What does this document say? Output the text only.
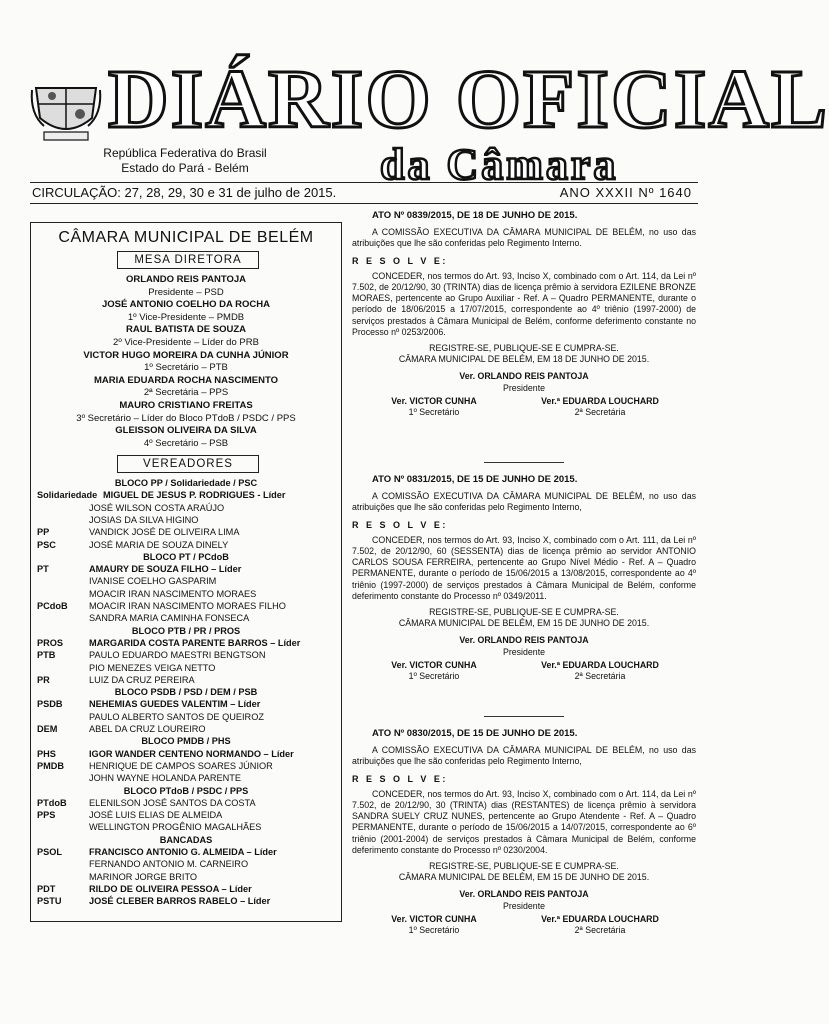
DIÁRIO OFICIAL
República Federativa do Brasil
Estado do Pará - Belém	da Câmara
CIRCULAÇÃO: 27, 28, 29, 30 e 31 de julho de 2015.	ANO XXXII Nº 1640
CÂMARA MUNICIPAL DE BELÉM
MESA DIRETORA
ORLANDO REIS PANTOJA
Presidente – PSD
JOSÉ ANTONIO COELHO DA ROCHA
1º Vice-Presidente – PMDB
RAUL BATISTA DE SOUZA
2º Vice-Presidente – Líder do PRB
VICTOR HUGO MOREIRA DA CUNHA JÚNIOR
1º Secretário – PTB
MARIA EDUARDA ROCHA NASCIMENTO
2ª Secretária – PPS
MAURO CRISTIANO FREITAS
3º Secretário – Líder do Bloco PTdoB / PSDC / PPS
GLEISSON OLIVEIRA DA SILVA
4º Secretário – PSB
VEREADORES
BLOCO PP / Solidariedade / PSC
Solidariedade MIGUEL DE JESUS P. RODRIGUES - Líder
JOSÉ WILSON COSTA ARAÚJO
JOSIAS DA SILVA HIGINO
PP	VANDICK JOSÉ DE OLIVEIRA LIMA
PSC	JOSÉ MARIA DE SOUZA DINELY
BLOCO PT / PCdoB
PT	AMAURY DE SOUZA FILHO – Líder
IVANISE COELHO GASPARIM
MOACIR IRAN NASCIMENTO MORAES
PCdoB MOACIR IRAN NASCIMENTO MORAES FILHO
SANDRA MARIA CAMINHA FONSECA
BLOCO PTB / PR / PROS
PROS	MARGARIDA COSTA PARENTE BARROS – Líder
PTB	PAULO EDUARDO MAESTRI BENGTSON
PIO MENEZES VEIGA NETTO
PR	LUIZ DA CRUZ PEREIRA
BLOCO PSDB / PSD / DEM / PSB
PSDB	NEHEMIAS GUEDES VALENTIM – Líder
PAULO ALBERTO SANTOS DE QUEIROZ
DEM	ABEL DA CRUZ LOUREIRO
BLOCO PMDB / PHS
PHS	IGOR WANDER CENTENO NORMANDO – Líder
PMDB	HENRIQUE DE CAMPOS SOARES JÚNIOR
JOHN WAYNE HOLANDA PARENTE
BLOCO PTdoB / PSDC / PPS
PTdoB ELENILSON JOSÉ SANTOS DA COSTA
PPS	JOSÉ LUIS ELIAS DE ALMEIDA
WELLINGTON PROGÊNIO MAGALHÃES
BANCADAS
PSOL	FRANCISCO ANTONIO G. ALMEIDA – Líder
FERNANDO ANTONIO M. CARNEIRO
MARINOR JORGE BRITO
PDT	RILDO DE OLIVEIRA PESSOA – Líder
PSTU	JOSÉ CLEBER BARROS RABELO – Líder
ATO Nº 0839/2015, DE 18 DE JUNHO DE 2015.

A COMISSÃO EXECUTIVA DA CÂMARA MUNICIPAL DE BELÉM, no uso das atribuições que lhe são conferidas pelo Regimento Interno.

R E S O L V E:

CONCEDER, nos termos do Art. 93, Inciso X, combinado com o Art. 114, da Lei nº 7.502, de 20/12/90, 30 (TRINTA) dias de licença prêmio à servidora EZILENE BRONZE MORAES, pertencente ao Grupo Auxiliar - Ref. A – Quadro PERMANENTE, durante o período de 18/06/2015 a 17/07/2015, correspondente ao 4º triênio (1997-2000) de serviços prestados à Câmara Municipal de Belém, conforme deferimento constante no Processo nº 0253/2006.

REGISTRE-SE, PUBLIQUE-SE E CUMPRA-SE.
CÂMARA MUNICIPAL DE BELÉM, EM 18 DE JUNHO DE 2015.
Ver. ORLANDO REIS PANTOJA
Presidente
Ver. VICTOR CUNHA
1º Secretário
Ver.ª EDUARDA LOUCHARD
2ª Secretária
ATO Nº 0831/2015, DE 15 DE JUNHO DE 2015.

A COMISSÃO EXECUTIVA DA CÂMARA MUNICIPAL DE BELÉM, no uso das atribuições que lhe são conferidas pelo Regimento Interno,

R E S O L V E:

CONCEDER, nos termos do Art. 93, Inciso X, combinado com o Art. 111, da Lei nº 7.502, de 20/12/90, 60 (SESSENTA) dias de licença prêmio ao servidor ANTONIO CARLOS SOUSA FERREIRA, pertencente ao Grupo Nível Médio - Ref. A – Quadro PERMANENTE, durante o período de 15/06/2015 a 13/08/2015, correspondente ao 4º triênio (1997-2000) de serviços prestados à Câmara Municipal de Belém, conforme deferimento constante do Processo nº 0349/2011.

REGISTRE-SE, PUBLIQUE-SE E CUMPRA-SE.
CÂMARA MUNICIPAL DE BELÉM, EM 15 DE JUNHO DE 2015.
Ver. ORLANDO REIS PANTOJA
Presidente
Ver. VICTOR CUNHA
1º Secretário
Ver.ª EDUARDA LOUCHARD
2ª Secretária
ATO Nº 0830/2015, DE 15 DE JUNHO DE 2015.

A COMISSÃO EXECUTIVA DA CÂMARA MUNICIPAL DE BELÉM, no uso das atribuições que lhe são conferidas pelo Regimento Interno,

R E S O L V E:

CONCEDER, nos termos do Art. 93, Inciso X, combinado com o Art. 114, da Lei nº 7.502, de 20/12/90, 30 (TRINTA) dias (RESTANTES) de licença prêmio à servidora SANDRA SUELY CRUZ NUNES, pertencente ao Grupo Atendente - Ref. A – Quadro PERMANENTE, durante o período de 15/06/2015 a 14/07/2015, correspondente ao 6º triênio (2001-2004) de serviços prestados à Câmara Municipal de Belém, conforme deferimento constante do Processo nº 0230/2004.

REGISTRE-SE, PUBLIQUE-SE E CUMPRA-SE.
CÂMARA MUNICIPAL DE BELÉM, EM 15 DE JUNHO DE 2015.
Ver. ORLANDO REIS PANTOJA
Presidente
Ver. VICTOR CUNHA
1º Secretário
Ver.ª EDUARDA LOUCHARD
2ª Secretária
